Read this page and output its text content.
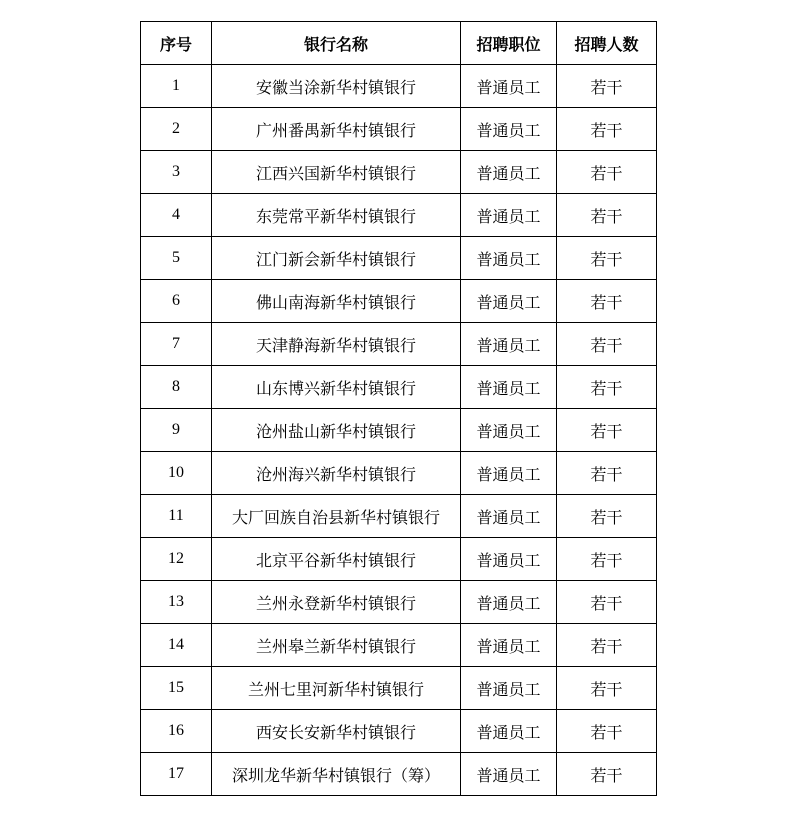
序号	银行名称	招聘职位	招聘人数
1	安徽当涂新华村镇银行	普通员工	若干
2	广州番禺新华村镇银行	普通员工	若干
3	江西兴国新华村镇银行	普通员工	若干
4	东莞常平新华村镇银行	普通员工	若干
5	江门新会新华村镇银行	普通员工	若干
6	佛山南海新华村镇银行	普通员工	若干
7	天津静海新华村镇银行	普通员工	若干
8	山东博兴新华村镇银行	普通员工	若干
9	沧州盐山新华村镇银行	普通员工	若干
10	沧州海兴新华村镇银行	普通员工	若干
11	大厂回族自治县新华村镇银行	普通员工	若干
12	北京平谷新华村镇银行	普通员工	若干
13	兰州永登新华村镇银行	普通员工	若干
14	兰州皋兰新华村镇银行	普通员工	若干
15	兰州七里河新华村镇银行	普通员工	若干
16	西安长安新华村镇银行	普通员工	若干
17	深圳龙华新华村镇银行（筹）	普通员工	若干
